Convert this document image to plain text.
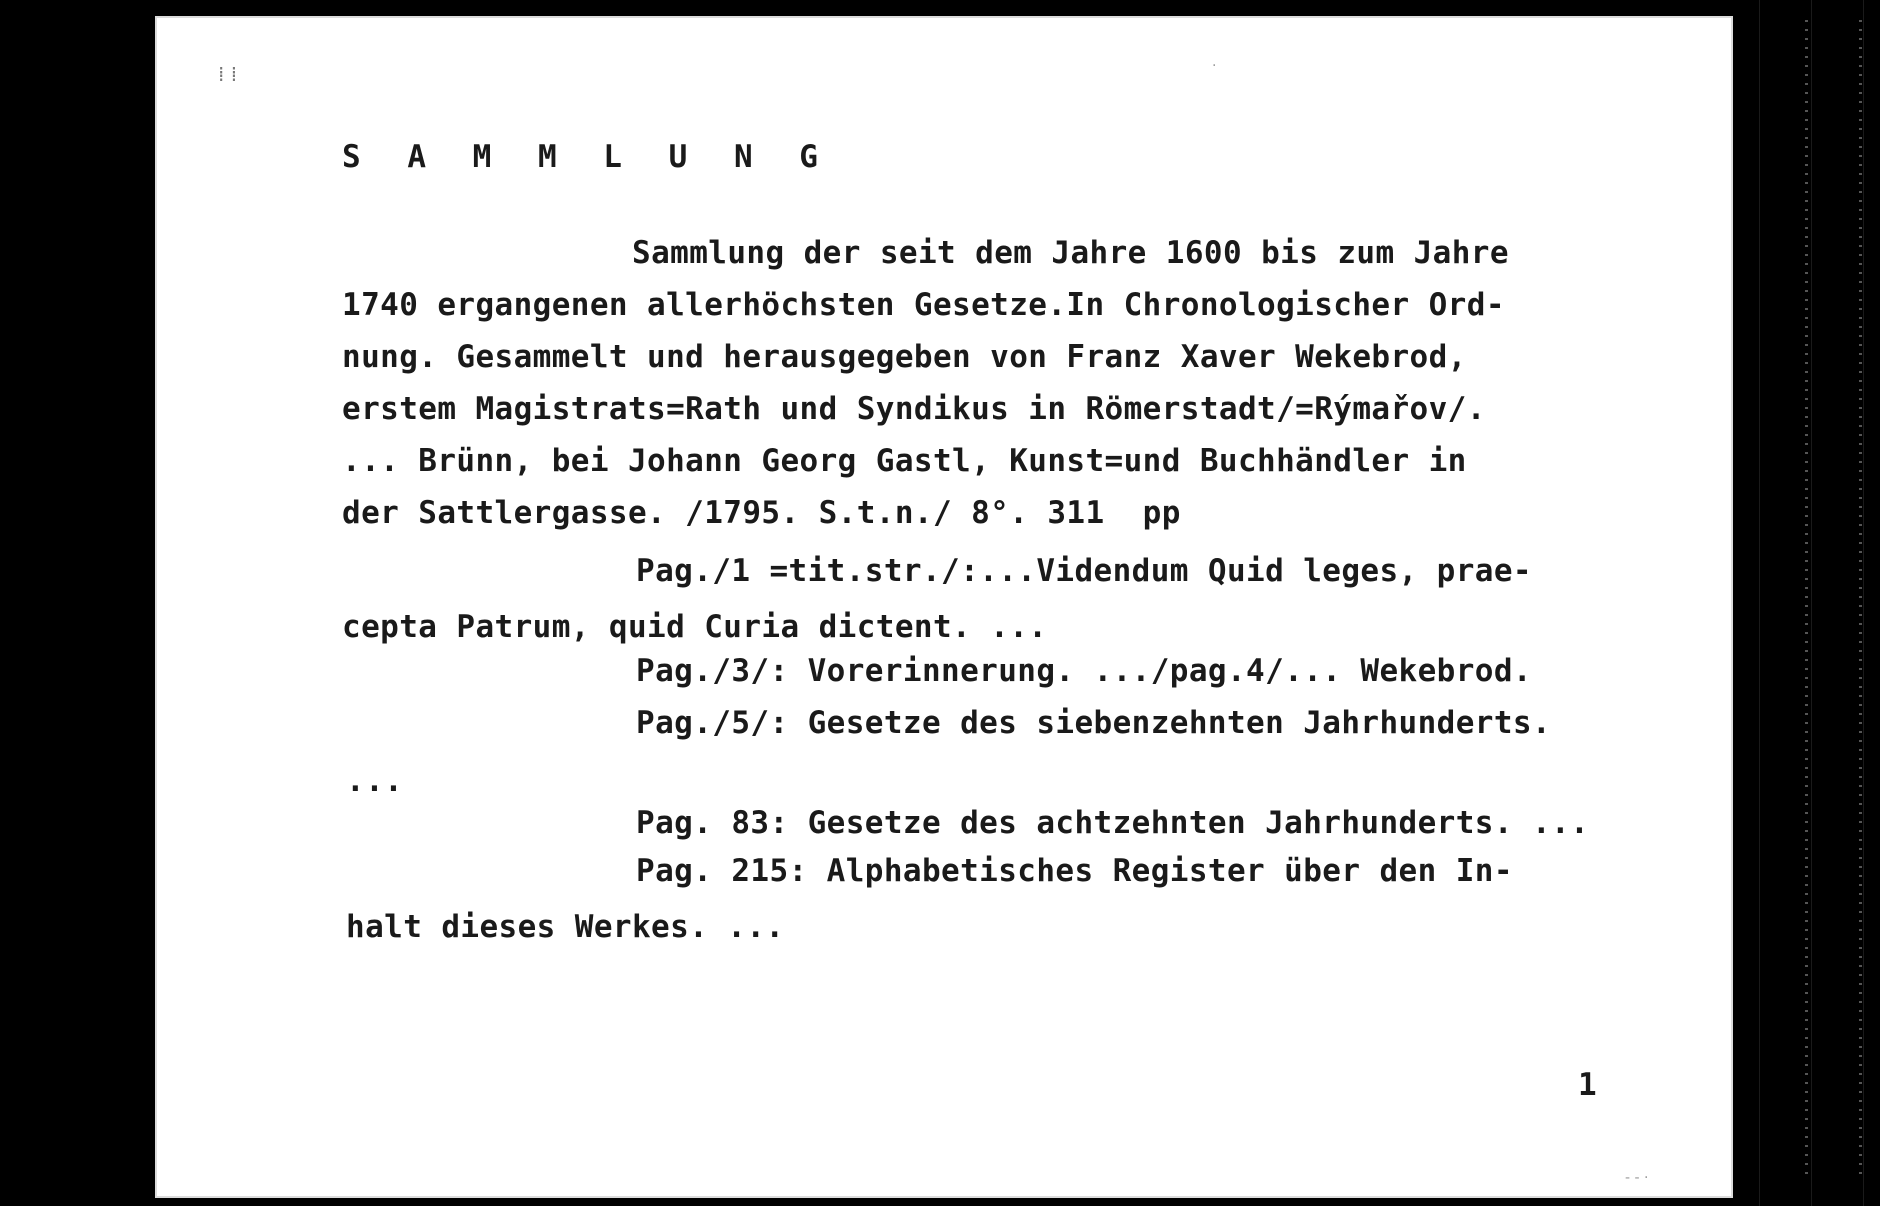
⁞ ⁞	·
- - ·
S A M M L U N G
Sammlung der seit dem Jahre 1600 bis zum Jahre
1740 ergangenen allerhöchsten Gesetze.In Chronologischer Ord-
nung. Gesammelt und herausgegeben von Franz Xaver Wekebrod,
erstem Magistrats=Rath und Syndikus in Römerstadt/=Rýmařov/.
... Brünn, bei Johann Georg Gastl, Kunst=und Buchhändler in
der Sattlergasse. /1795. S.t.n./ 8°. 311  pp
Pag./1 =tit.str./:...Videndum Quid leges, prae-
cepta Patrum, quid Curia dictent. ...
Pag./3/: Vorerinnerung. .../pag.4/... Wekebrod.
Pag./5/: Gesetze des siebenzehnten Jahrhunderts.
...
Pag. 83: Gesetze des achtzehnten Jahrhunderts. ...
Pag. 215: Alphabetisches Register über den In-
halt dieses Werkes. ...
1
